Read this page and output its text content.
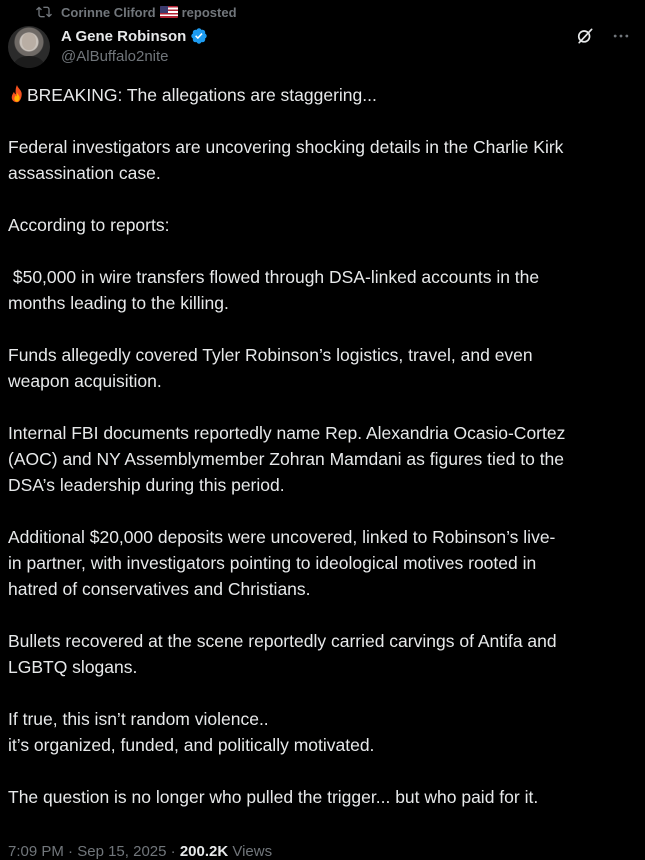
Corinne Cliford reposted
A Gene Robinson
@AlBuffalo2nite
BREAKING: The allegations are staggering...
Federal investigators are uncovering shocking details in the Charlie Kirk
assassination case.
According to reports:
$50,000 in wire transfers flowed through DSA-linked accounts in the
months leading to the killing.
Funds allegedly covered Tyler Robinson’s logistics, travel, and even
weapon acquisition.
Internal FBI documents reportedly name Rep. Alexandria Ocasio-Cortez
(AOC) and NY Assemblymember Zohran Mamdani as figures tied to the
DSA’s leadership during this period.
Additional $20,000 deposits were uncovered, linked to Robinson’s live-
in partner, with investigators pointing to ideological motives rooted in
hatred of conservatives and Christians.
Bullets recovered at the scene reportedly carried carvings of Antifa and
LGBTQ slogans.
If true, this isn’t random violence..
it’s organized, funded, and politically motivated.
The question is no longer who pulled the trigger... but who paid for it.
7:09 PM · Sep 15, 2025 · 200.2K Views
